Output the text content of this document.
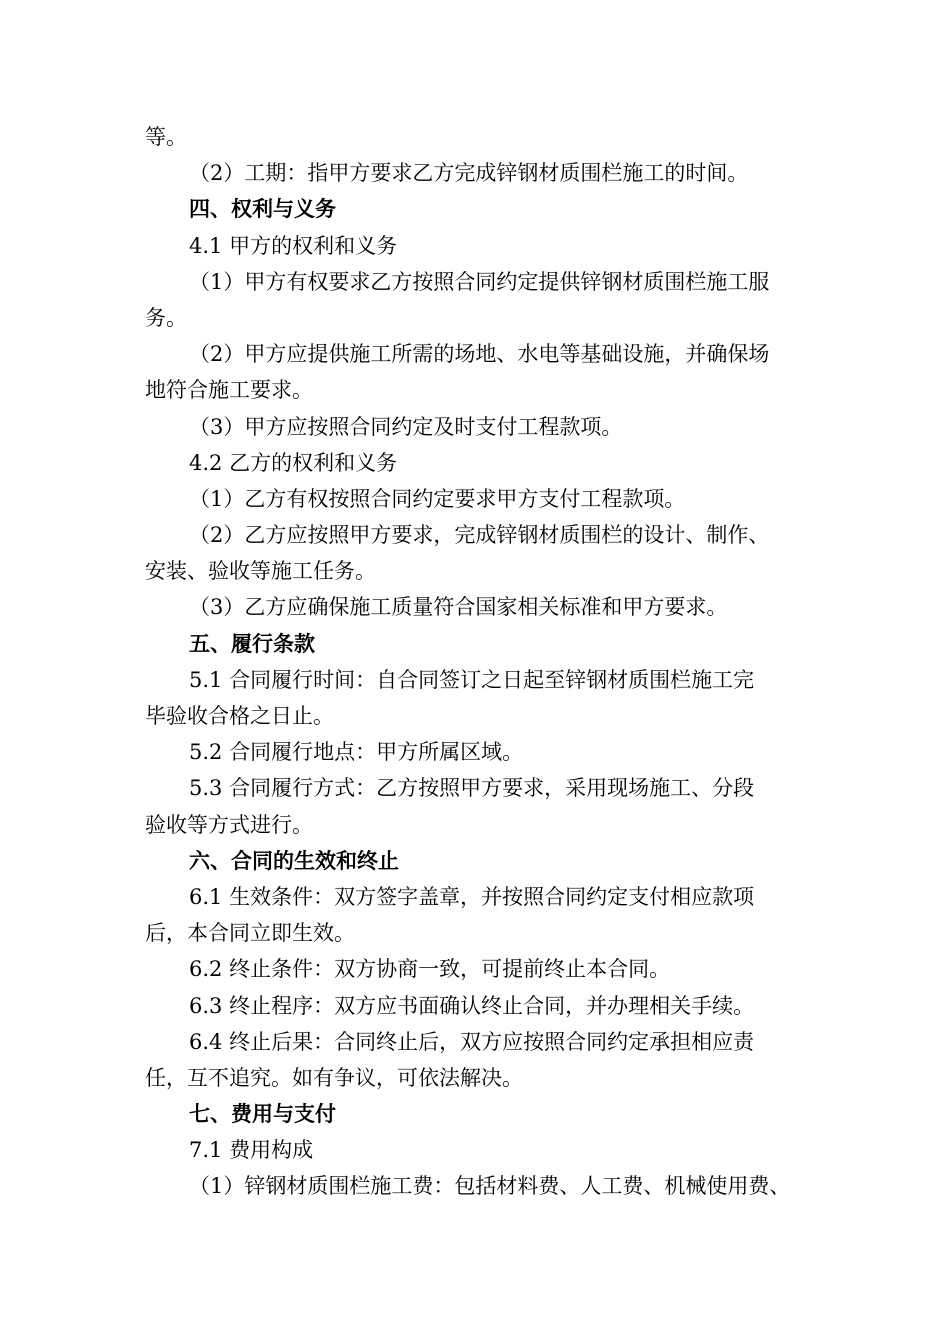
等。
（2）工期：指甲方要求乙方完成锌钢材质围栏施工的时间。
四、权利与义务
4.1 甲方的权利和义务
（1）甲方有权要求乙方按照合同约定提供锌钢材质围栏施工服
务。
（2）甲方应提供施工所需的场地、水电等基础设施，并确保场
地符合施工要求。
（3）甲方应按照合同约定及时支付工程款项。
4.2 乙方的权利和义务
（1）乙方有权按照合同约定要求甲方支付工程款项。
（2）乙方应按照甲方要求，完成锌钢材质围栏的设计、制作、
安装、验收等施工任务。
（3）乙方应确保施工质量符合国家相关标准和甲方要求。
五、履行条款
5.1 合同履行时间：自合同签订之日起至锌钢材质围栏施工完
毕验收合格之日止。
5.2 合同履行地点：甲方所属区域。
5.3 合同履行方式：乙方按照甲方要求，采用现场施工、分段
验收等方式进行。
六、合同的生效和终止
6.1 生效条件：双方签字盖章，并按照合同约定支付相应款项
后，本合同立即生效。
6.2 终止条件：双方协商一致，可提前终止本合同。
6.3 终止程序：双方应书面确认终止合同，并办理相关手续。
6.4 终止后果：合同终止后，双方应按照合同约定承担相应责
任，互不追究。如有争议，可依法解决。
七、费用与支付
7.1 费用构成
（1）锌钢材质围栏施工费：包括材料费、人工费、机械使用费、
